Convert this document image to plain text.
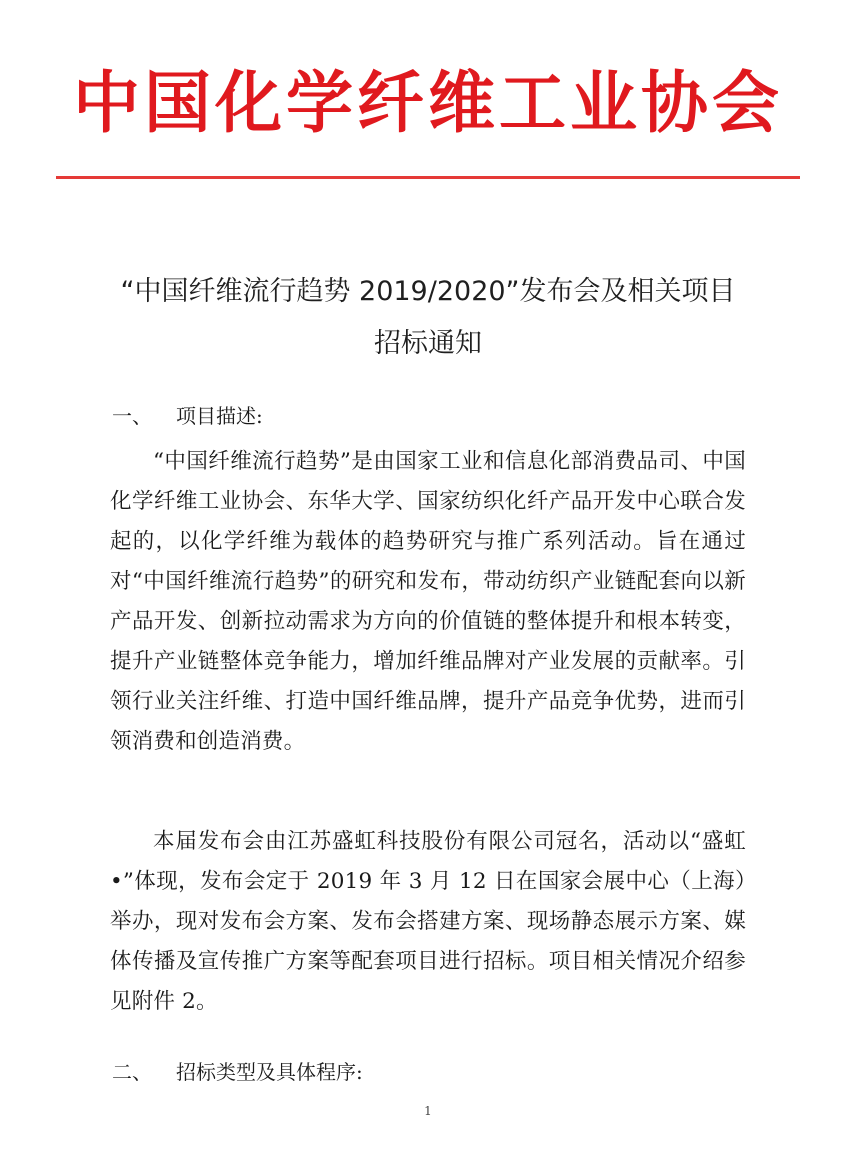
中国化学纤维工业协会
“中国纤维流行趋势 2019/2020”发布会及相关项目
招标通知
一、 项目描述:
“中国纤维流行趋势”是由国家工业和信息化部消费品司、中国化学纤维工业协会、东华大学、国家纺织化纤产品开发中心联合发起的，以化学纤维为载体的趋势研究与推广系列活动。旨在通过对“中国纤维流行趋势”的研究和发布，带动纺织产业链配套向以新产品开发、创新拉动需求为方向的价值链的整体提升和根本转变，提升产业链整体竞争能力，增加纤维品牌对产业发展的贡献率。引领行业关注纤维、打造中国纤维品牌，提升产品竞争优势，进而引领消费和创造消费。
本届发布会由江苏盛虹科技股份有限公司冠名，活动以“盛虹•”体现，发布会定于 2019 年 3 月 12 日在国家会展中心（上海）举办，现对发布会方案、发布会搭建方案、现场静态展示方案、媒体传播及宣传推广方案等配套项目进行招标。项目相关情况介绍参见附件 2。
二、 招标类型及具体程序:
1
